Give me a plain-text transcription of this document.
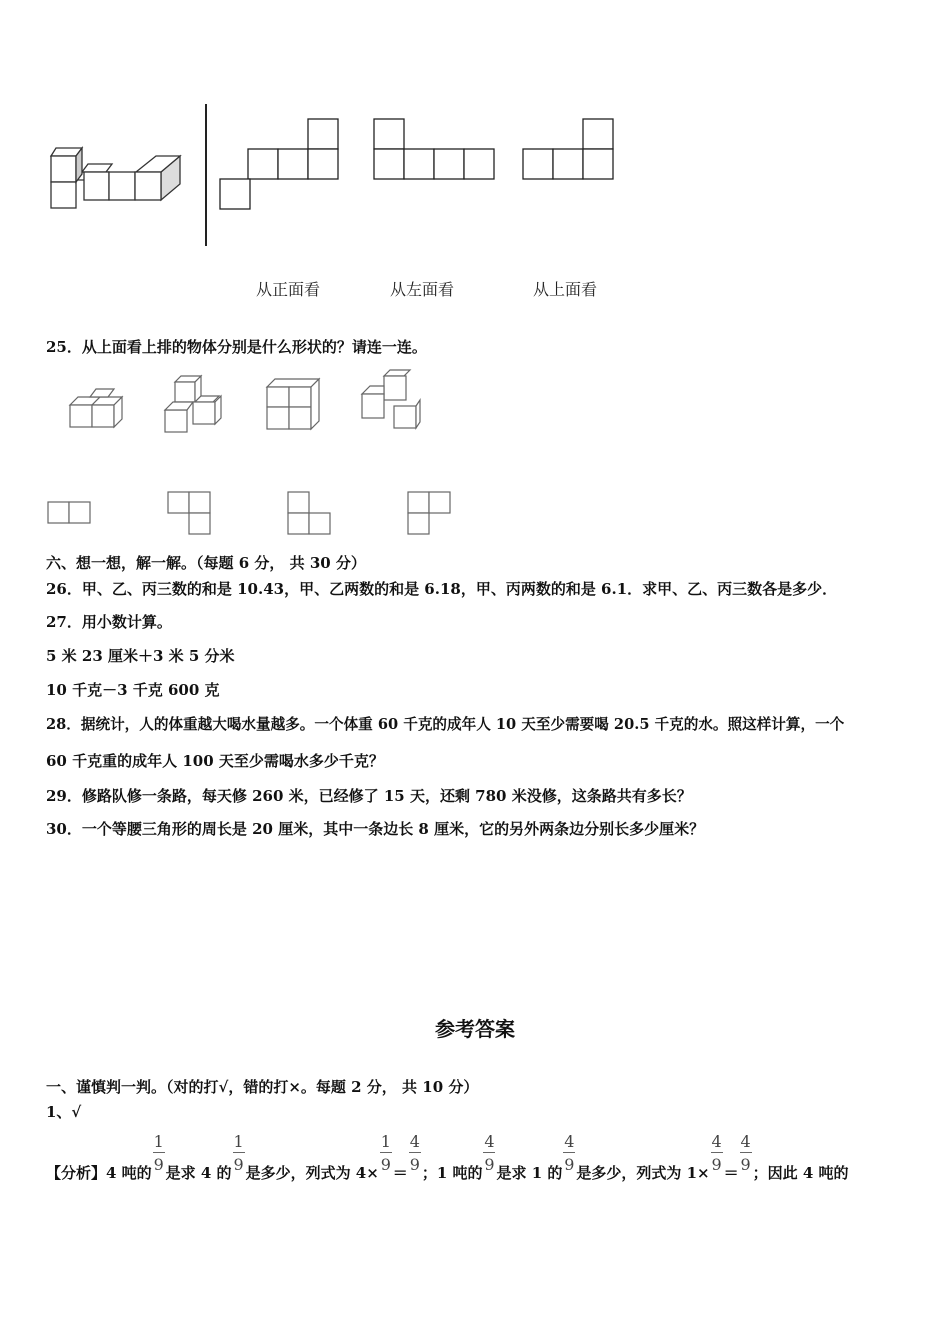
从正面看	从左面看	从上面看
25．从上面看上排的物体分别是什么形状的？请连一连。
六、想一想，解一解。（每题 6 分， 共 30 分）
26．甲、乙、丙三数的和是 10.43，甲、乙两数的和是 6.18，甲、丙两数的和是 6.1．求甲、乙、丙三数各是多少．
27．用小数计算。
5 米 23 厘米＋3 米 5 分米
10 千克－3 千克 600 克
28．据统计，人的体重越大喝水量越多。一个体重 60 千克的成年人 10 天至少需要喝 20.5 千克的水。照这样计算，一个
60 千克重的成年人 100 天至少需喝水多少千克？
29．修路队修一条路，每天修 260 米，已经修了 15 天，还剩 780 米没修，这条路共有多长？
30．一个等腰三角形的周长是 20 厘米，其中一条边长 8 厘米，它的另外两条边分别长多少厘米？
参考答案
一、谨慎判一判。（对的打√，错的打×。每题 2 分， 共 10 分）
1、√
【分析】4 吨的 $\frac{1}{9}$ 是求 4 的 $\frac{1}{9}$ 是多少，列式为 $4\times \frac{1}{9} = \frac{4}{9}$ ；1 吨的 $\frac{4}{9}$ 是求 1 的 $\frac{4}{9}$ 是多少，列式为 $1\times \frac{4}{9} = \frac{4}{9}$ ；因此 4 吨的
